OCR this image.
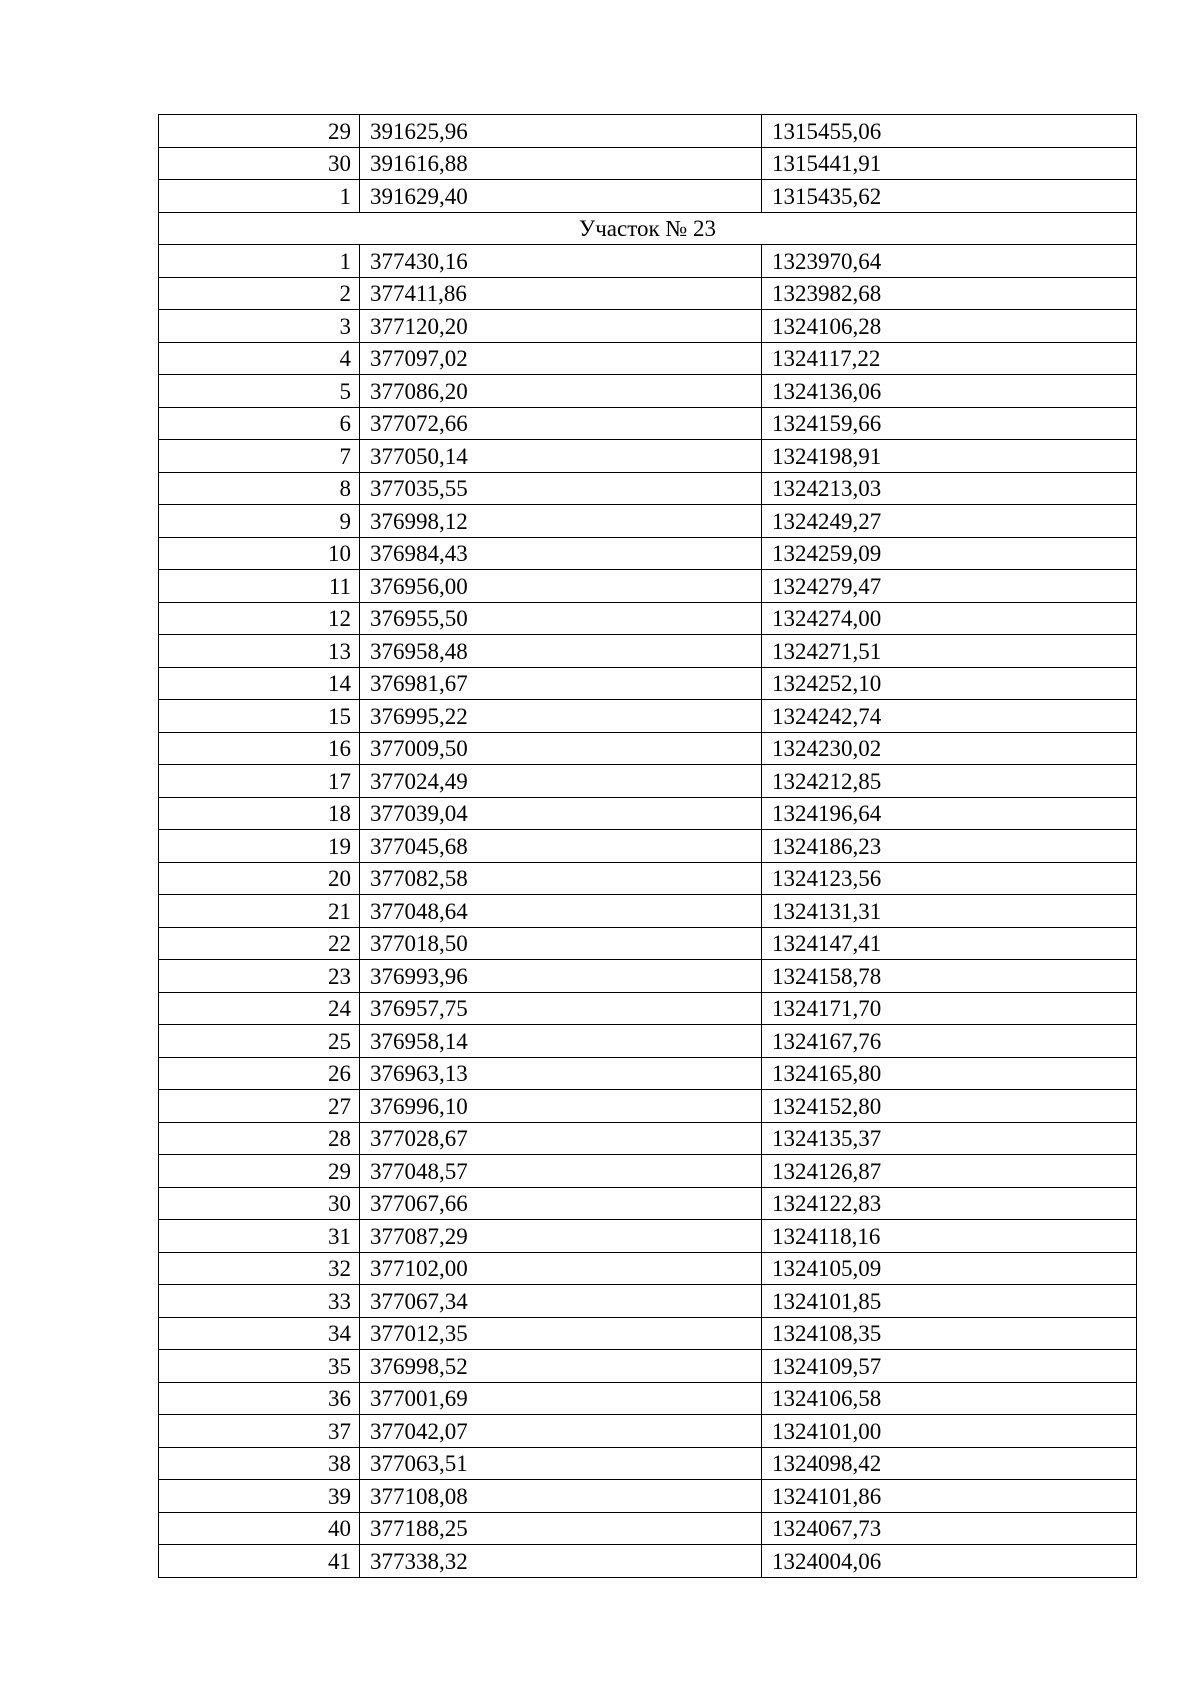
29	391625,96	1315455,06
30	391616,88	1315441,91
1	391629,40	1315435,62
Участок № 23		
1	377430,16	1323970,64
2	377411,86	1323982,68
3	377120,20	1324106,28
4	377097,02	1324117,22
5	377086,20	1324136,06
6	377072,66	1324159,66
7	377050,14	1324198,91
8	377035,55	1324213,03
9	376998,12	1324249,27
10	376984,43	1324259,09
11	376956,00	1324279,47
12	376955,50	1324274,00
13	376958,48	1324271,51
14	376981,67	1324252,10
15	376995,22	1324242,74
16	377009,50	1324230,02
17	377024,49	1324212,85
18	377039,04	1324196,64
19	377045,68	1324186,23
20	377082,58	1324123,56
21	377048,64	1324131,31
22	377018,50	1324147,41
23	376993,96	1324158,78
24	376957,75	1324171,70
25	376958,14	1324167,76
26	376963,13	1324165,80
27	376996,10	1324152,80
28	377028,67	1324135,37
29	377048,57	1324126,87
30	377067,66	1324122,83
31	377087,29	1324118,16
32	377102,00	1324105,09
33	377067,34	1324101,85
34	377012,35	1324108,35
35	376998,52	1324109,57
36	377001,69	1324106,58
37	377042,07	1324101,00
38	377063,51	1324098,42
39	377108,08	1324101,86
40	377188,25	1324067,73
41	377338,32	1324004,06
